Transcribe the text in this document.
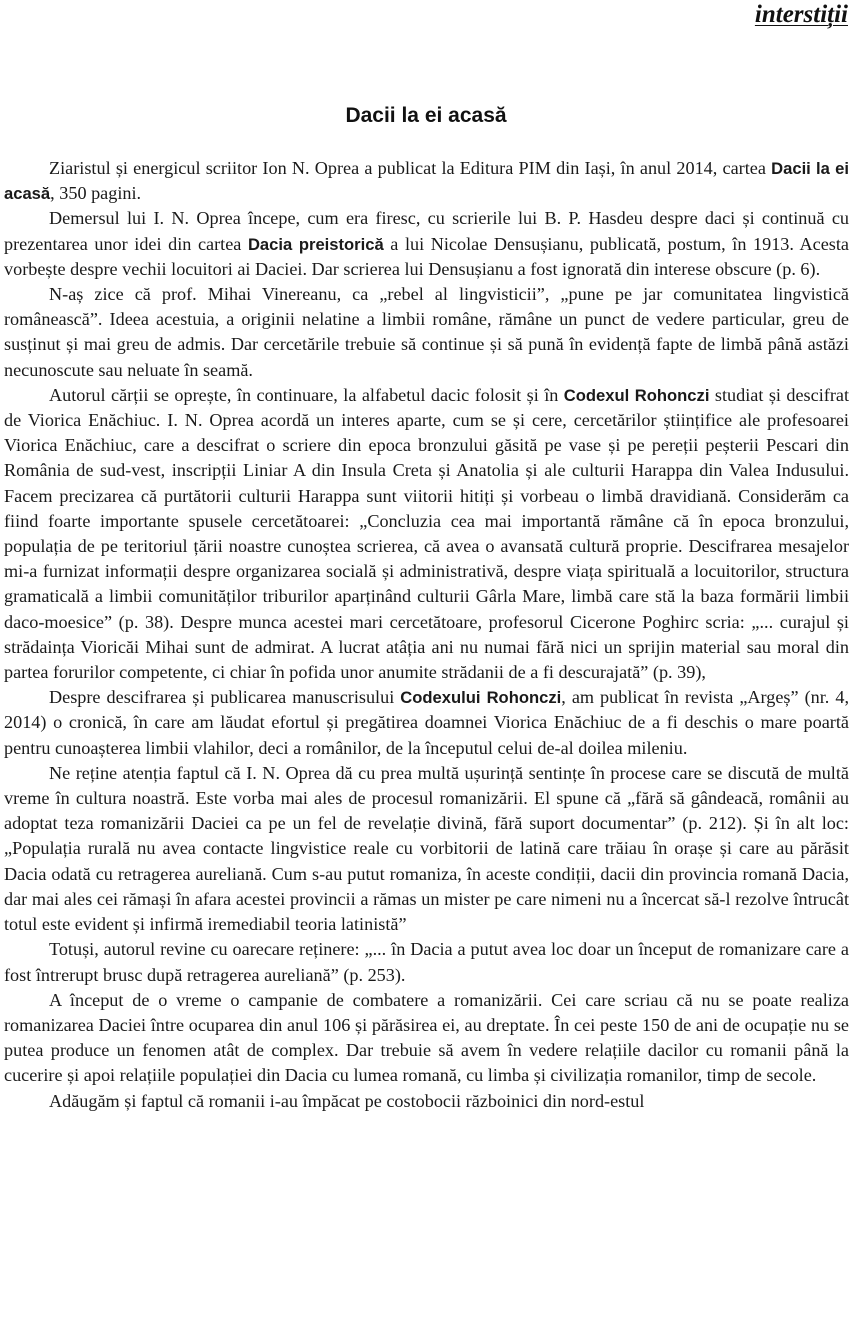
interstiții
Dacii la ei acasă

Ziaristul și energicul scriitor Ion N. Oprea a publicat la Editura PIM din Iași, în anul 2014, cartea Dacii la ei acasă, 350 pagini.

Demersul lui I. N. Oprea începe, cum era firesc, cu scrierile lui B. P. Hasdeu despre daci și continuă cu prezentarea unor idei din cartea Dacia preistorică a lui Nicolae Densușianu, publicată, postum, în 1913. Acesta vorbește despre vechii locuitori ai Daciei. Dar scrierea lui Densușianu a fost ignorată din interese obscure (p. 6).

N-aș zice că prof. Mihai Vinereanu, ca „rebel al lingvisticii”, „pune pe jar comunitatea lingvistică românească”. Ideea acestuia, a originii nelatine a limbii române, rămâne un punct de vedere particular, greu de susținut și mai greu de admis. Dar cercetările trebuie să continue și să pună în evidență fapte de limbă până astăzi necunoscute sau neluate în seamă.

Autorul cărții se oprește, în continuare, la alfabetul dacic folosit și în Codexul Rohonczi studiat și descifrat de Viorica Enăchiuc. I. N. Oprea acordă un interes aparte, cum se și cere, cercetărilor științifice ale profesoarei Viorica Enăchiuc, care a descifrat o scriere din epoca bronzului găsită pe vase și pe pereții peșterii Pescari din România de sud-vest, inscripții Liniar A din Insula Creta și Anatolia și ale culturii Harappa din Valea Indusului. Facem precizarea că purtătorii culturii Harappa sunt viitorii hitiți și vorbeau o limbă dravidiană. Considerăm ca fiind foarte importante spusele cercetătoarei: „Concluzia cea mai importantă rămâne că în epoca bronzului, populația de pe teritoriul țării noastre cunoștea scrierea, că avea o avansată cultură proprie. Descifrarea mesajelor mi-a furnizat informații despre organizarea socială și administrativă, despre viața spirituală a locuitorilor, structura gramaticală a limbii comunităților triburilor aparținând culturii Gârla Mare, limbă care stă la baza formării limbii daco-moesice” (p. 38). Despre munca acestei mari cercetătoare, profesorul Cicerone Poghirc scria: „... curajul și strădaința Vioricăi Mihai sunt de admirat. A lucrat atâția ani nu numai fără nici un sprijin material sau moral din partea forurilor competente, ci chiar în pofida unor anumite strădanii de a fi descurajată” (p. 39),

Despre descifrarea și publicarea manuscrisului Codexului Rohonczi, am publicat în revista „Argeș” (nr. 4, 2014) o cronică, în care am lăudat efortul și pregătirea doamnei Viorica Enăchiuc de a fi deschis o mare poartă pentru cunoașterea limbii vlahilor, deci a românilor, de la începutul celui de-al doilea mileniu.

Ne reține atenția faptul că I. N. Oprea dă cu prea multă ușurință sentințe în procese care se discută de multă vreme în cultura noastră. Este vorba mai ales de procesul romanizării. El spune că „fără să gândeacă, românii au adoptat teza romanizării Daciei ca pe un fel de revelație divină, fără suport documentar” (p. 212). Și în alt loc: „Populația rurală nu avea contacte lingvistice reale cu vorbitorii de latină care trăiau în orașe și care au părăsit Dacia odată cu retragerea aureliană. Cum s-au putut romaniza, în aceste condiții, dacii din provincia romană Dacia, dar mai ales cei rămași în afara acestei provincii a rămas un mister pe care nimeni nu a încercat să-l rezolve întrucât totul este evident și infirmă iremediabil teoria latinistă”

Totuși, autorul revine cu oarecare reținere: „... în Dacia a putut avea loc doar un început de romanizare care a fost întrerupt brusc după retragerea aureliană” (p. 253).

A început de o vreme o campanie de combatere a romanizării. Cei care scriau că nu se poate realiza romanizarea Daciei între ocuparea din anul 106 și părăsirea ei, au dreptate. În cei peste 150 de ani de ocupație nu se putea produce un fenomen atât de complex. Dar trebuie să avem în vedere relațiile dacilor cu romanii până la cucerire și apoi relațiile populației din Dacia cu lumea romană, cu limba și civilizația romanilor, timp de secole.

Adăugăm și faptul că romanii i-au împăcat pe costobocii războinici din nord-estul
